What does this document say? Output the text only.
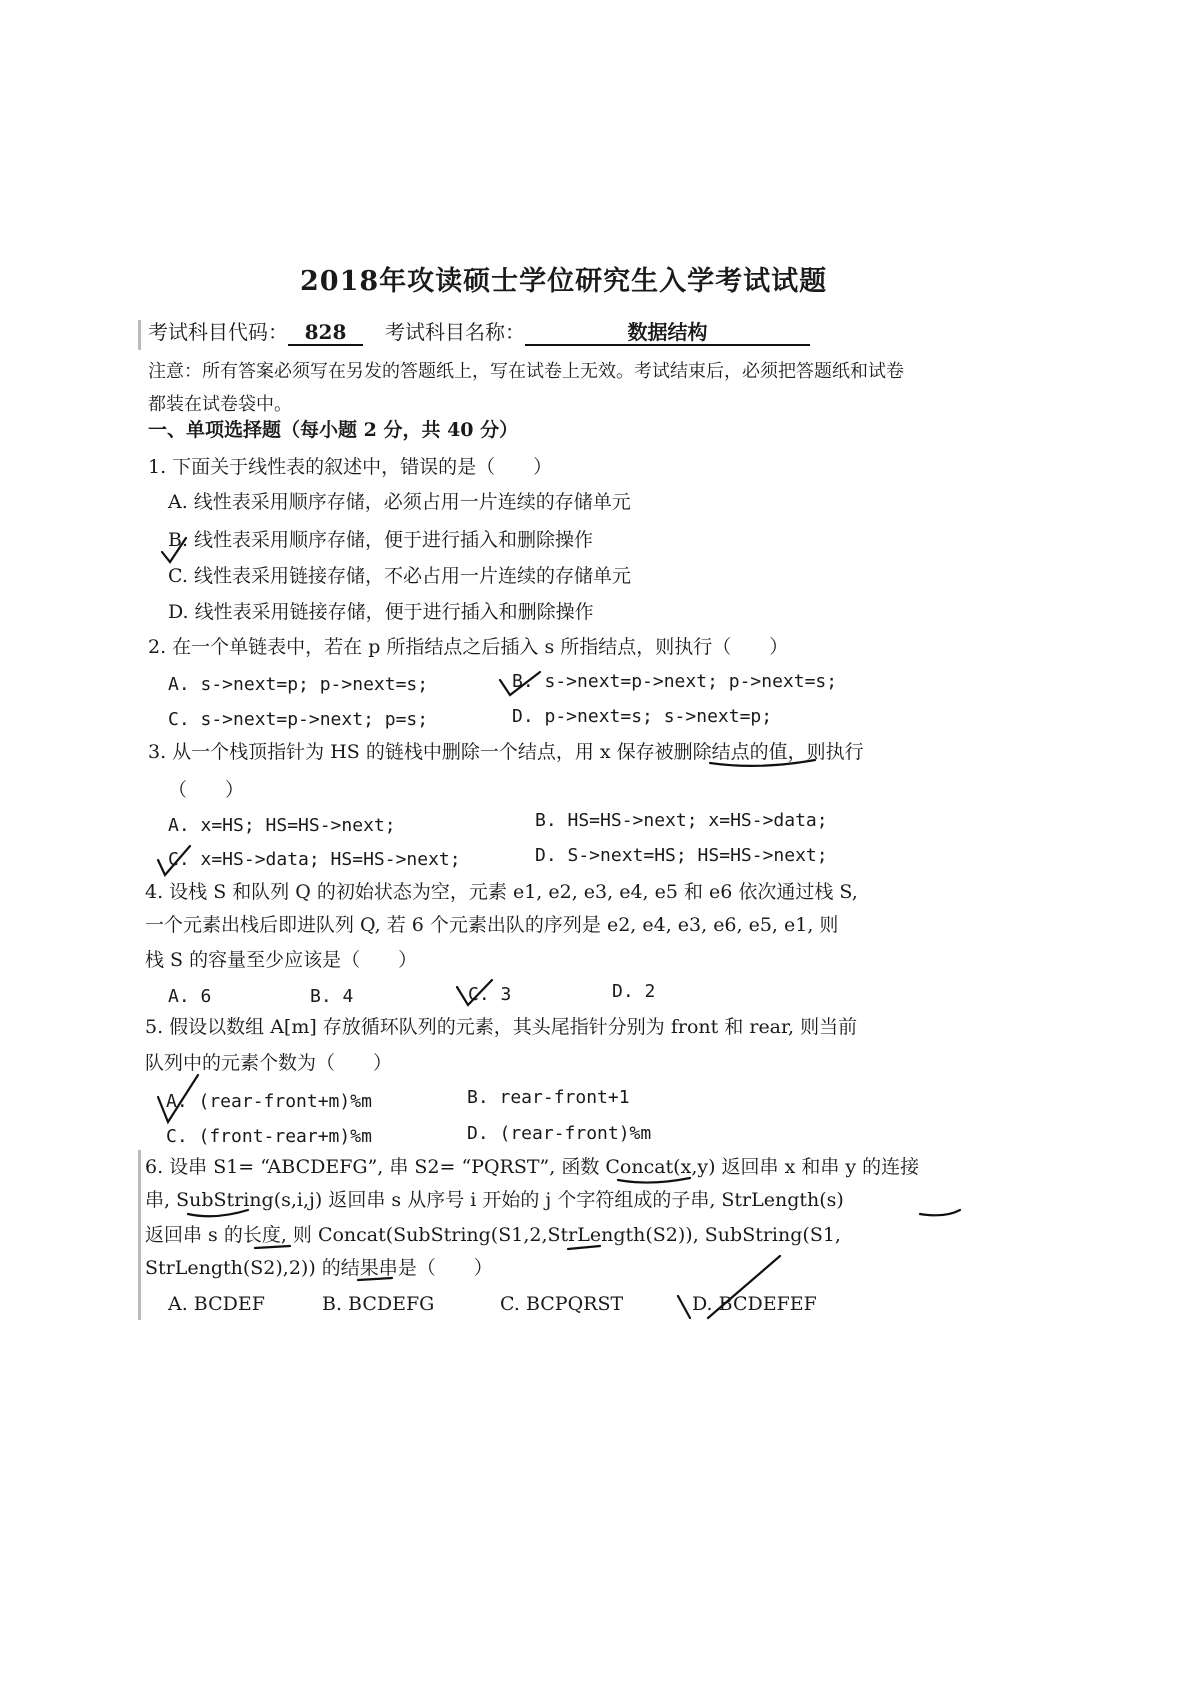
2018年攻读硕士学位研究生入学考试试题
考试科目代码： 828 考试科目名称：	数据结构
注意：所有答案必须写在另发的答题纸上，写在试卷上无效。考试结束后，必须把答题纸和试卷
都装在试卷袋中。
一、单项选择题（每小题 2 分，共 40 分）
1. 下面关于线性表的叙述中，错误的是（　　）
A. 线性表采用顺序存储，必须占用一片连续的存储单元
B. 线性表采用顺序存储，便于进行插入和删除操作
C. 线性表采用链接存储，不必占用一片连续的存储单元
D. 线性表采用链接存储，便于进行插入和删除操作
2. 在一个单链表中，若在 p 所指结点之后插入 s 所指结点，则执行（　　）
A. s->next=p; p->next=s;	B. s->next=p->next; p->next=s;
C. s->next=p->next; p=s;	D. p->next=s; s->next=p;
3. 从一个栈顶指针为 HS 的链栈中删除一个结点，用 x 保存被删除结点的值，则执行
（　　）
A. x=HS; HS=HS->next;	B. HS=HS->next; x=HS->data;
C. x=HS->data; HS=HS->next;	D. S->next=HS; HS=HS->next;
4. 设栈 S 和队列 Q 的初始状态为空，元素 e1, e2, e3, e4, e5 和 e6 依次通过栈 S,
一个元素出栈后即进队列 Q, 若 6 个元素出队的序列是 e2, e4, e3, e6, e5, e1, 则
栈 S 的容量至少应该是（　　）
A. 6	B. 4	C. 3	D. 2
5. 假设以数组 A[m] 存放循环队列的元素，其头尾指针分别为 front 和 rear, 则当前
队列中的元素个数为（　　）
A. (rear-front+m)%m	B. rear-front+1
C. (front-rear+m)%m	D. (rear-front)%m
6. 设串 S1= “ABCDEFG”, 串 S2= “PQRST”, 函数 Concat(x,y) 返回串 x 和串 y 的连接
串, SubString(s,i,j) 返回串 s 从序号 i 开始的 j 个字符组成的子串, StrLength(s)
返回串 s 的长度, 则 Concat(SubString(S1,2,StrLength(S2)), SubString(S1,
StrLength(S2),2)) 的结果串是（　　）
A. BCDEF	B. BCDEFG	C. BCPQRST	D. BCDEFEF
